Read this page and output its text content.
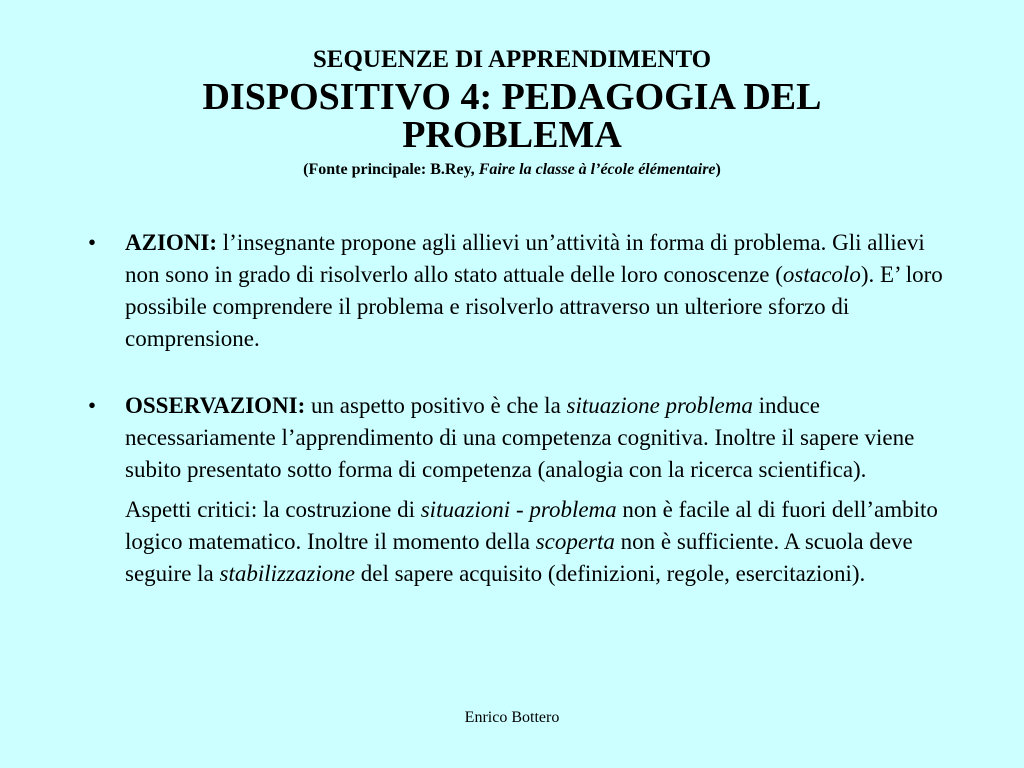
SEQUENZE DI APPRENDIMENTO
DISPOSITIVO 4: PEDAGOGIA DEL
PROBLEMA
(Fonte principale: B.Rey, Faire la classe à l’école élémentaire)
• AZIONI: l’insegnante propone agli allievi un’attività in forma di problema. Gli allievi non sono in grado di risolverlo allo stato attuale delle loro conoscenze (ostacolo). E’ loro possibile comprendere il problema e risolverlo attraverso un ulteriore sforzo di comprensione.
• OSSERVAZIONI: un aspetto positivo è che la situazione problema induce necessariamente l’apprendimento di una competenza cognitiva. Inoltre il sapere viene subito presentato sotto forma di competenza (analogia con la ricerca scientifica).
Aspetti critici: la costruzione di situazioni - problema non è facile al di fuori dell’ambito logico matematico. Inoltre il momento della scoperta non è sufficiente. A scuola deve seguire la stabilizzazione del sapere acquisito (definizioni, regole, esercitazioni).
Enrico Bottero
